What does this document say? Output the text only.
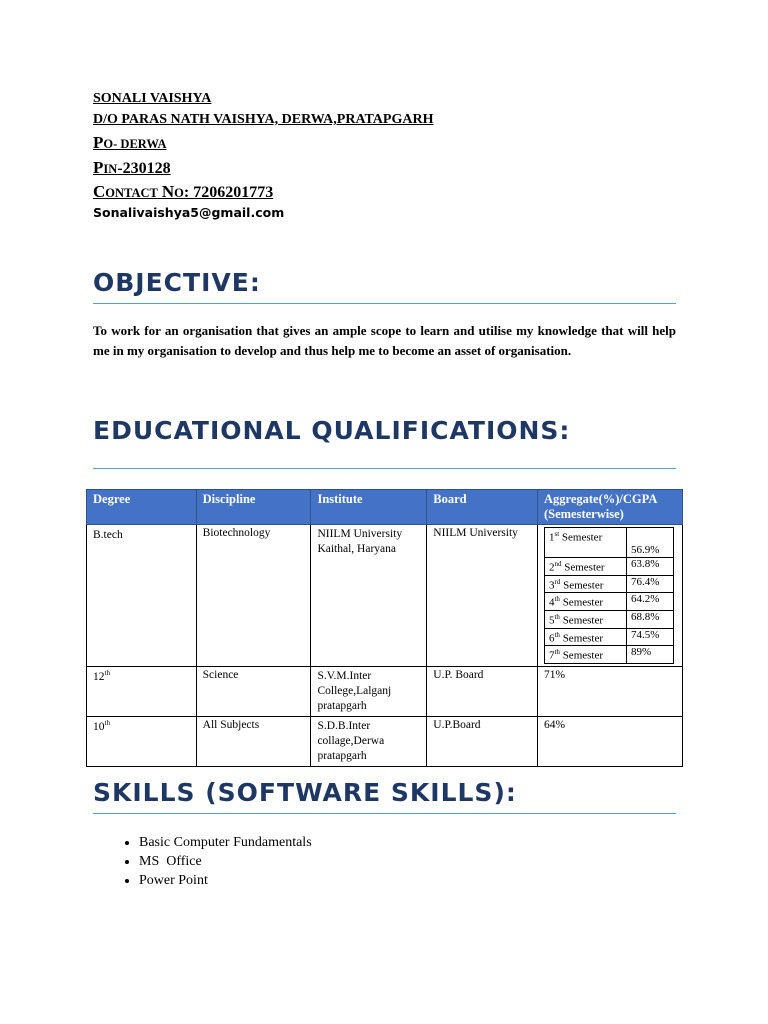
SONALI VAISHYA
D/O PARAS NATH VAISHYA, DERWA,PRATAPGARH
PO- DERWA
PIN-230128
CONTACT NO: 7206201773
Sonalivaishya5@gmail.com
OBJECTIVE:
To work for an organisation that gives an ample scope to learn and utilise my knowledge that will help me in my organisation to develop and thus help me to become an asset of organisation.
EDUCATIONAL QUALIFICATIONS:
Degree	Discipline	Institute	Board	Aggregate(%)/CGPA (Semesterwise)
B.tech	Biotechnology	NIILM University Kaithal, Haryana	NIILM University		1st Semester	56.9%
2nd Semester	63.8%
3rd Semester	76.4%
4th Semester	64.2%
5th Semester	68.8%
6th Semester	74.5%
7th Semester	89%

12th	Science	S.V.M.Inter College,Lalganj pratapgarh	U.P. Board	71%
10th	All Subjects	S.D.B.Inter collage,Derwa pratapgarh	U.P.Board	64%
SKILLS (SOFTWARE SKILLS):
• Basic Computer Fundamentals
• MS  Office
• Power Point
